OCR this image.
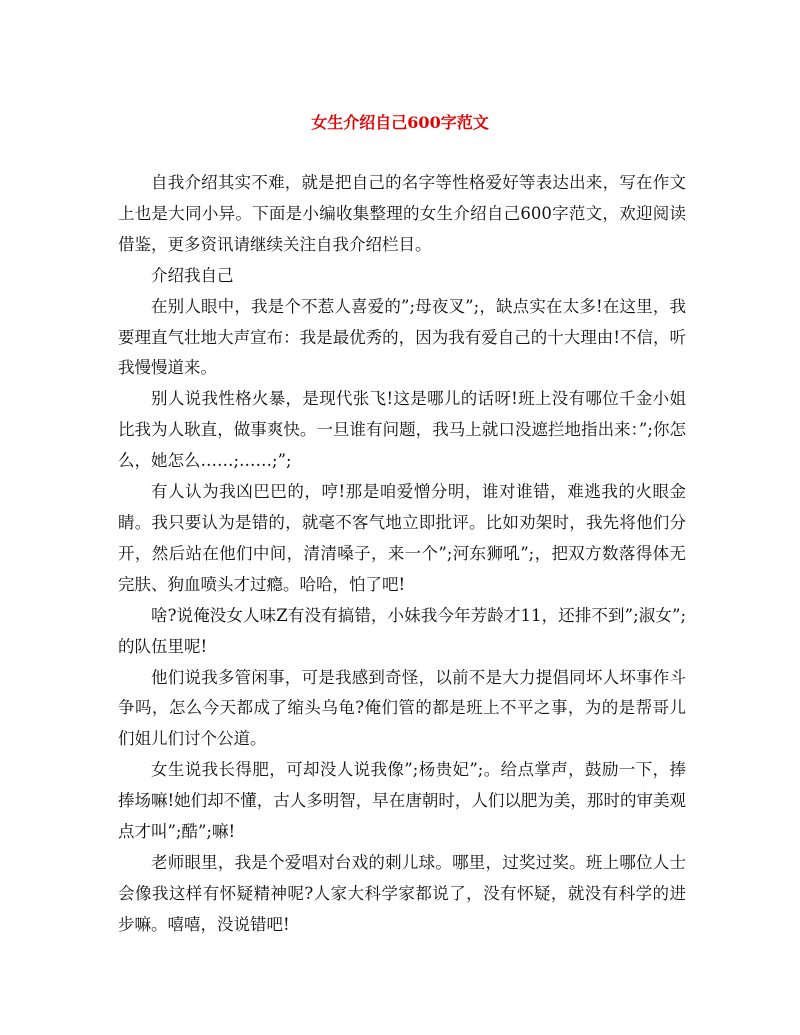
女生介绍自己600字范文

自我介绍其实不难，就是把自己的名字等性格爱好等表达出来，写在作文上也是大同小异。下面是小编收集整理的女生介绍自己600字范文，欢迎阅读借鉴，更多资讯请继续关注自我介绍栏目。

介绍我自己

在别人眼中，我是个不惹人喜爱的”;母夜叉”;，缺点实在太多!在这里，我要理直气壮地大声宣布：我是最优秀的，因为我有爱自己的十大理由!不信，听我慢慢道来。

别人说我性格火暴，是现代张飞!这是哪儿的话呀!班上没有哪位千金小姐比我为人耿直，做事爽快。一旦谁有问题，我马上就口没遮拦地指出来：”;你怎么，她怎么……;……;”;

有人认为我凶巴巴的，哼!那是咱爱憎分明，谁对谁错，难逃我的火眼金睛。我只要认为是错的，就毫不客气地立即批评。比如劝架时，我先将他们分开，然后站在他们中间，清清嗓子，来一个”;河东狮吼”;，把双方数落得体无完肤、狗血喷头才过瘾。哈哈，怕了吧!

啥?说俺没女人味Z有没有搞错，小妹我今年芳龄才11，还排不到”;淑女”;的队伍里呢!

他们说我多管闲事，可是我感到奇怪，以前不是大力提倡同坏人坏事作斗争吗，怎么今天都成了缩头乌龟?俺们管的都是班上不平之事，为的是帮哥儿们姐儿们讨个公道。

女生说我长得肥，可却没人说我像”;杨贵妃”;。给点掌声，鼓励一下，捧捧场嘛!她们却不懂，古人多明智，早在唐朝时，人们以肥为美，那时的审美观点才叫”;酷”;嘛!

老师眼里，我是个爱唱对台戏的刺儿球。哪里，过奖过奖。班上哪位人士会像我这样有怀疑精神呢?人家大科学家都说了，没有怀疑，就没有科学的进步嘛。嘻嘻，没说错吧!
